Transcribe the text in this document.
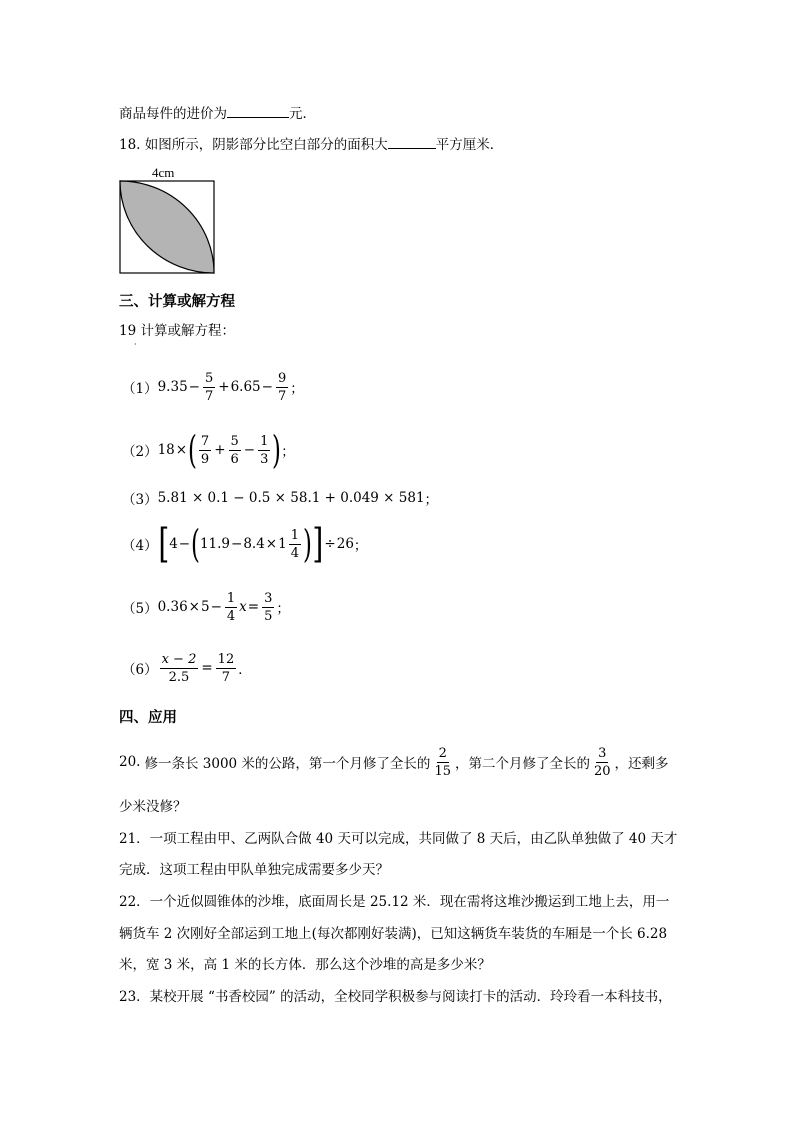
商品每件的进价为	元．
18. 如图所示，阴影部分比空白部分的面积大	平方厘米．
4cm
三、计算或解方程
19 计算或解方程：
·
（1） $9.35 - \frac{5}{7} + 6.65 - \frac{9}{7}$ ；
（2） 18 × ( $\frac{7}{9} + \frac{5}{6} - \frac{1}{3}$ ) ；
（3） 5.81 × 0.1 − 0.5 × 58.1 + 0.049 × 581 ；
（4） [ 4 − ( $11.9 - 8.4 \times 1 \frac{1}{4}$ ) ] ÷ 26 ；
（5） $0.36 \times 5 - \frac{1}{4}$ $x = \frac{3}{5}$ ；
$(6) \frac{x - 2}{2.5} = \frac{12}{7}$ ．
四、应用
20. 修一条长 3000 米的公路，第一个月修了全长的 $\frac{2}{15}$ ，第二个月修了全长的 $\frac{3}{20}$ ，还剩多
少米没修？
21．一项工程由甲、乙两队合做 40 天可以完成，共同做了 8 天后，由乙队单独做了 40 天才
完成．这项工程由甲队单独完成需要多少天？
22．一个近似圆锥体的沙堆，底面周长是 25.12 米．现在需将这堆沙搬运到工地上去，用一
辆货车 2 次刚好全部运到工地上(每次都刚好装满)，已知这辆货车装货的车厢是一个长 6.28
米，宽 3 米，高 1 米的长方体．那么这个沙堆的高是多少米？
23．某校开展 “书香校园” 的活动，全校同学积极参与阅读打卡的活动．玲玲看一本科技书，
